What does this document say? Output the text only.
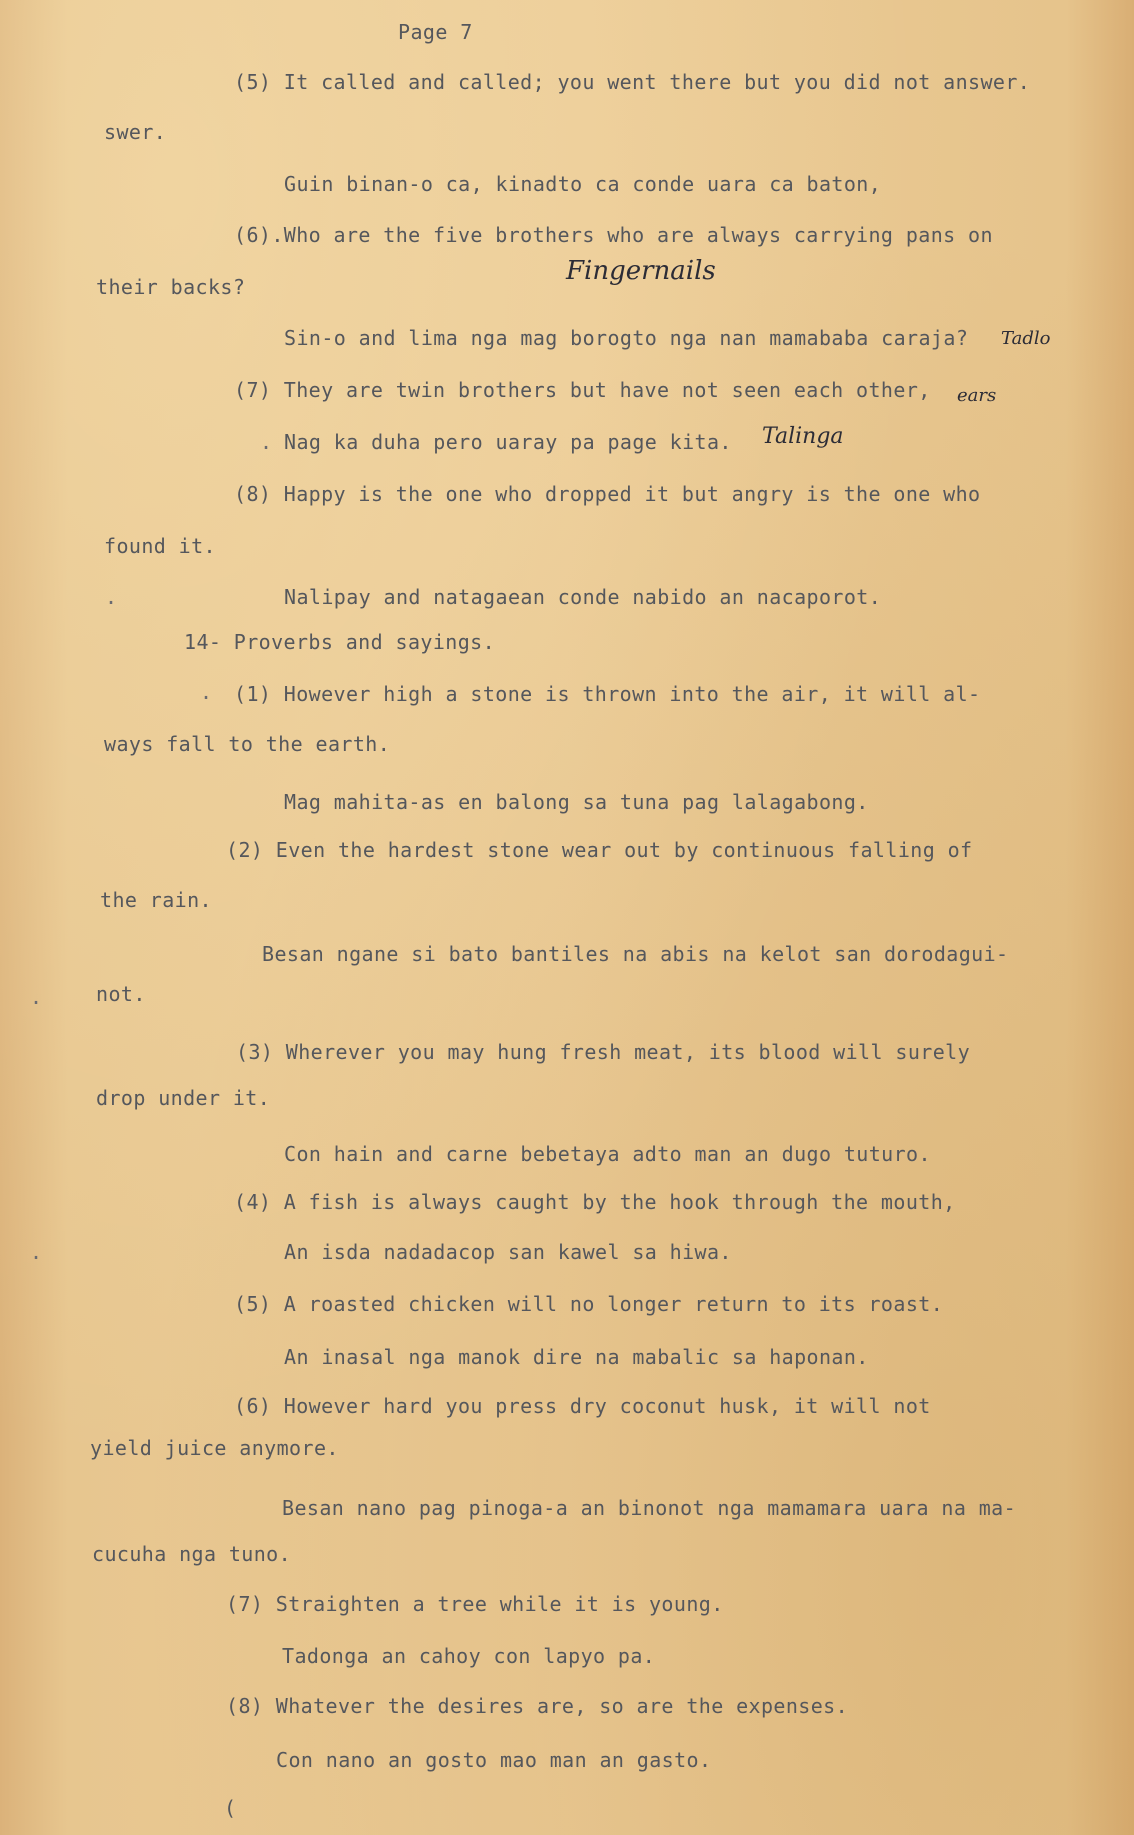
Page 7

(5) It called and called; you went there but you did not answer.

swer.

Guin binan-o ca, kinadto ca conde uara ca baton,

(6).Who are the five brothers who are always carrying pans on

their backs?

Fingernails

Sin-o and lima nga mag borogto nga nan mamababa caraja? Tadlo

(7) They are twin brothers but have not seen each other, ears

Nag ka duha pero uaray pa page kita. Talinga

(8) Happy is the one who dropped it but angry is the one who

found it.

Nalipay and natagaean conde nabido an nacaporot.

14- Proverbs and sayings.

(1) However high a stone is thrown into the air, it will al-

ways fall to the earth.

Mag mahita-as en balong sa tuna pag lalagabong.

(2) Even the hardest stone wear out by continuous falling of

the rain.

Besan ngane si bato bantiles na abis na kelot san dorodagui-

not.

(3) Wherever you may hung fresh meat, its blood will surely

drop under it.

Con hain and carne bebetaya adto man an dugo tuturo.

(4) A fish is always caught by the hook through the mouth,

An isda nadadacop san kawel sa hiwa.

(5) A roasted chicken will no longer return to its roast.

An inasal nga manok dire na mabalic sa haponan.

(6) However hard you press dry coconut husk, it will not

yield juice anymore.

Besan nano pag pinoga-a an binonot nga mamamara uara na ma-

cucuha nga tuno.

(7) Straighten a tree while it is young.

Tadonga an cahoy con lapyo pa.

(8) Whatever the desires are, so are the expenses.

Con nano an gosto mao man an gasto.

(

.
.
.
.
.
